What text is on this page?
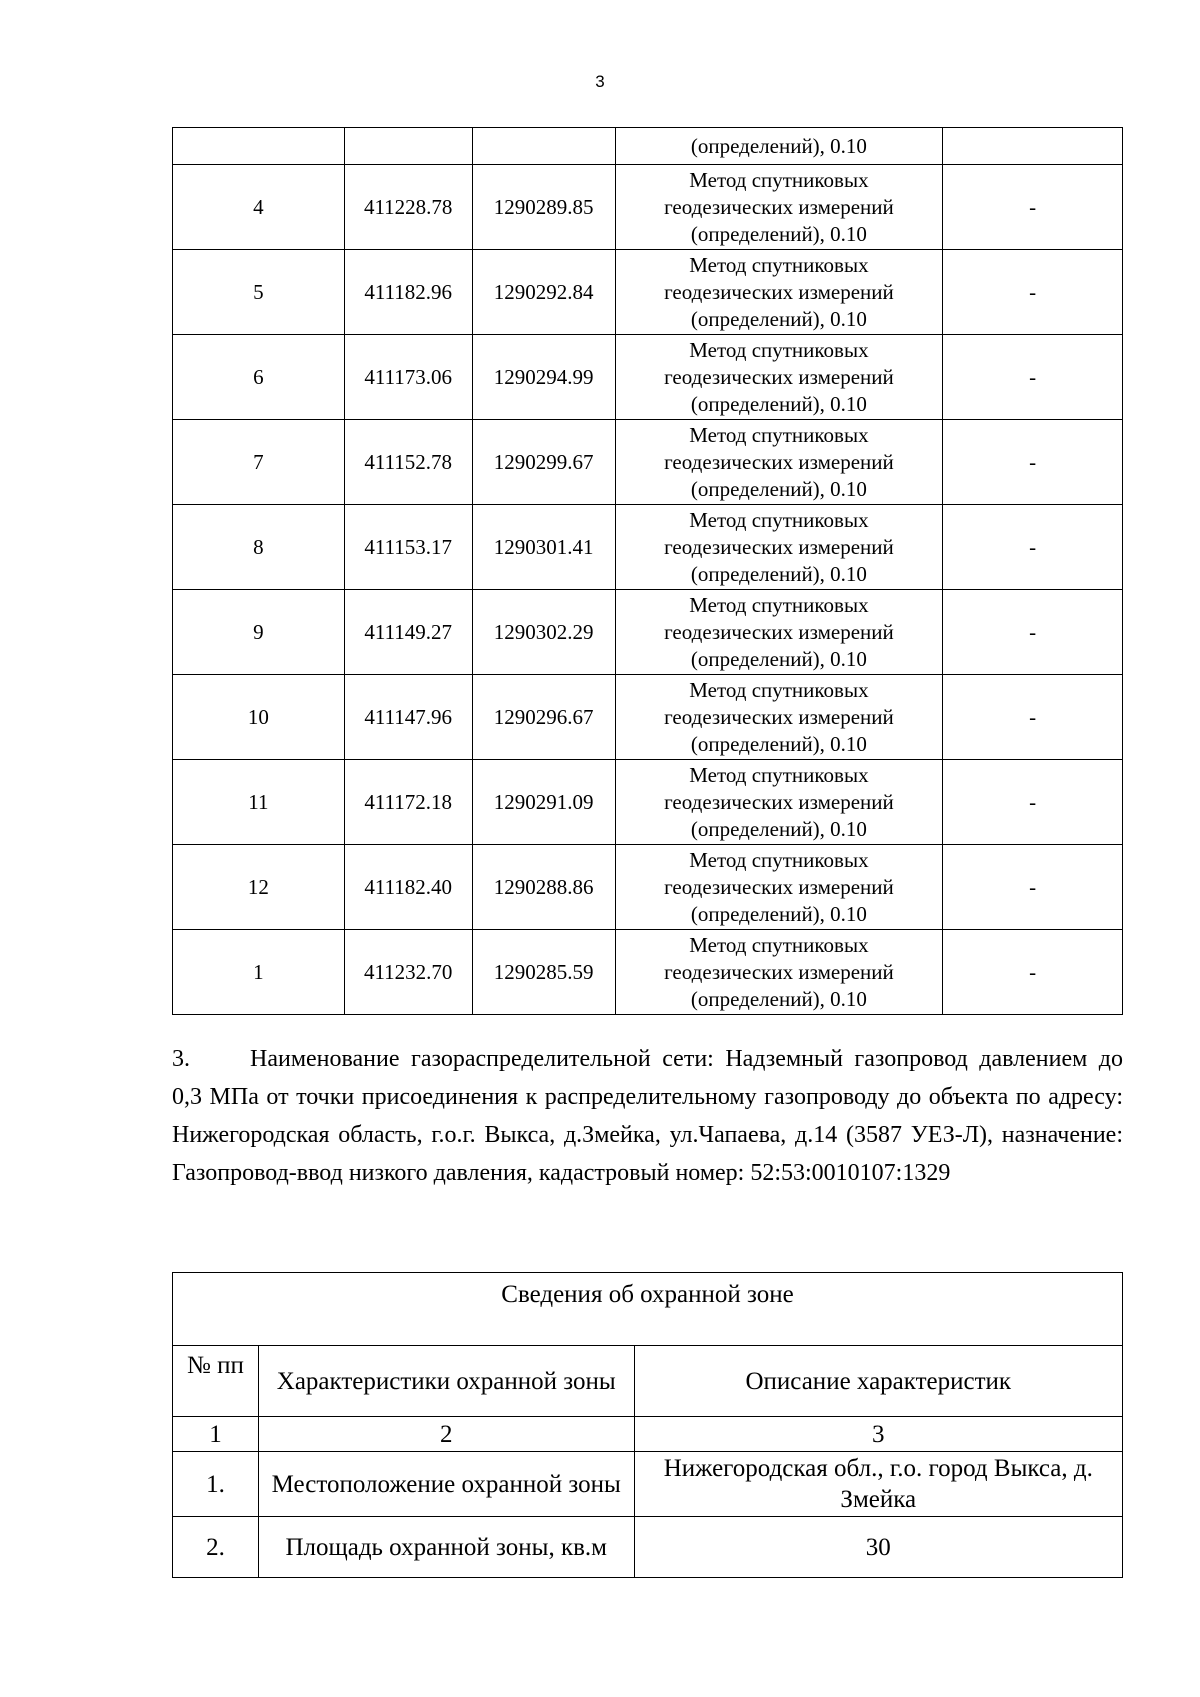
3
			(определений), 0.10	
4	411228.78	1290289.85	Метод спутниковых
геодезических измерений
(определений), 0.10	-
5	411182.96	1290292.84	Метод спутниковых
геодезических измерений
(определений), 0.10	-
6	411173.06	1290294.99	Метод спутниковых
геодезических измерений
(определений), 0.10	-
7	411152.78	1290299.67	Метод спутниковых
геодезических измерений
(определений), 0.10	-
8	411153.17	1290301.41	Метод спутниковых
геодезических измерений
(определений), 0.10	-
9	411149.27	1290302.29	Метод спутниковых
геодезических измерений
(определений), 0.10	-
10	411147.96	1290296.67	Метод спутниковых
геодезических измерений
(определений), 0.10	-
11	411172.18	1290291.09	Метод спутниковых
геодезических измерений
(определений), 0.10	-
12	411182.40	1290288.86	Метод спутниковых
геодезических измерений
(определений), 0.10	-
1	411232.70	1290285.59	Метод спутниковых
геодезических измерений
(определений), 0.10	-
3.	Наименование газораспределительной сети: Надземный газопровод давлением до 0,3 МПа от точки присоединения к распределительному газопроводу до объекта по адресу: Нижегородская область, г.о.г. Выкса, д.Змейка, ул.Чапаева, д.14 (3587 УЕЗ-Л), назначение: Газопровод-ввод низкого давления, кадастровый номер: 52:53:0010107:1329
Сведения об охранной зоне		
№ пп	Характеристики охранной зоны	Описание характеристик
1	2	3
1.	Местоположение охранной зоны	Нижегородская обл., г.о. город Выкса, д. Змейка
2.	Площадь охранной зоны, кв.м	30
